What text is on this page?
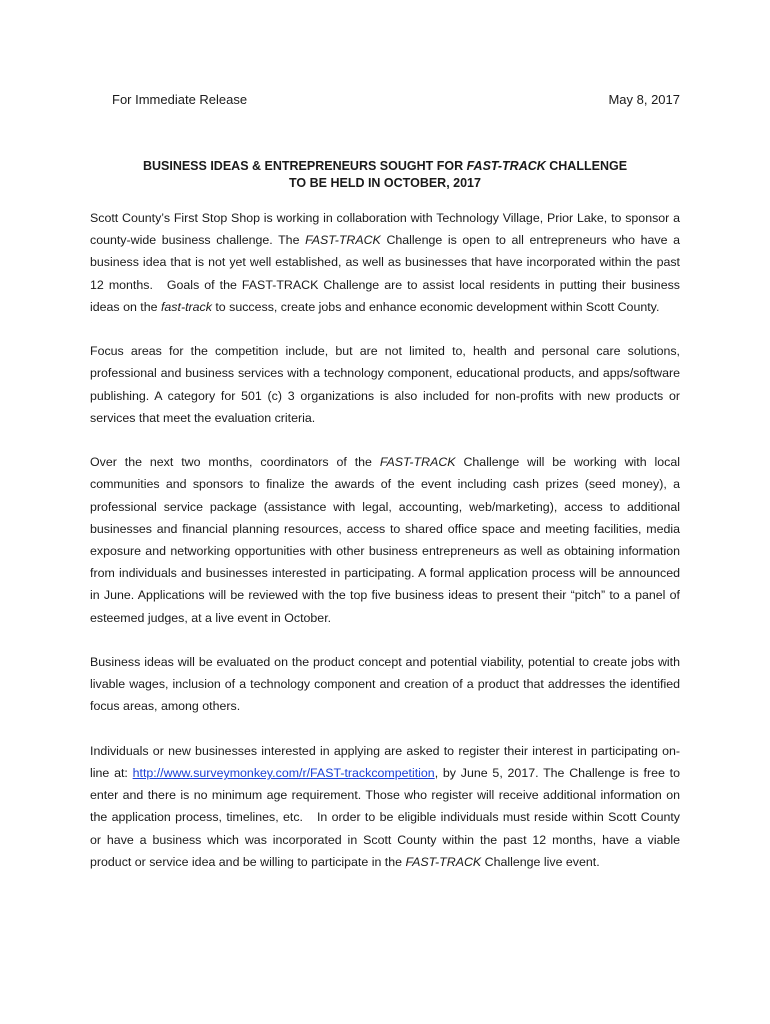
For Immediate Release	May 8, 2017
BUSINESS IDEAS & ENTREPRENEURS SOUGHT FOR FAST-TRACK CHALLENGE
TO BE HELD IN OCTOBER, 2017

Scott County’s First Stop Shop is working in collaboration with Technology Village, Prior Lake, to sponsor a county-wide business challenge. The FAST-TRACK Challenge is open to all entrepreneurs who have a business idea that is not yet well established, as well as businesses that have incorporated within the past 12 months. Goals of the FAST-TRACK Challenge are to assist local residents in putting their business ideas on the fast-track to success, create jobs and enhance economic development within Scott County.

Focus areas for the competition include, but are not limited to, health and personal care solutions, professional and business services with a technology component, educational products, and apps/software publishing. A category for 501 (c) 3 organizations is also included for non-profits with new products or services that meet the evaluation criteria.

Over the next two months, coordinators of the FAST-TRACK Challenge will be working with local communities and sponsors to finalize the awards of the event including cash prizes (seed money), a professional service package (assistance with legal, accounting, web/marketing), access to additional businesses and financial planning resources, access to shared office space and meeting facilities, media exposure and networking opportunities with other business entrepreneurs as well as obtaining information from individuals and businesses interested in participating. A formal application process will be announced in June. Applications will be reviewed with the top five business ideas to present their “pitch” to a panel of esteemed judges, at a live event in October.

Business ideas will be evaluated on the product concept and potential viability, potential to create jobs with livable wages, inclusion of a technology component and creation of a product that addresses the identified focus areas, among others.

Individuals or new businesses interested in applying are asked to register their interest in participating on-line at: http://www.surveymonkey.com/r/FAST-trackcompetition, by June 5, 2017. The Challenge is free to enter and there is no minimum age requirement. Those who register will receive additional information on the application process, timelines, etc. In order to be eligible individuals must reside within Scott County or have a business which was incorporated in Scott County within the past 12 months, have a viable product or service idea and be willing to participate in the FAST-TRACK Challenge live event.
